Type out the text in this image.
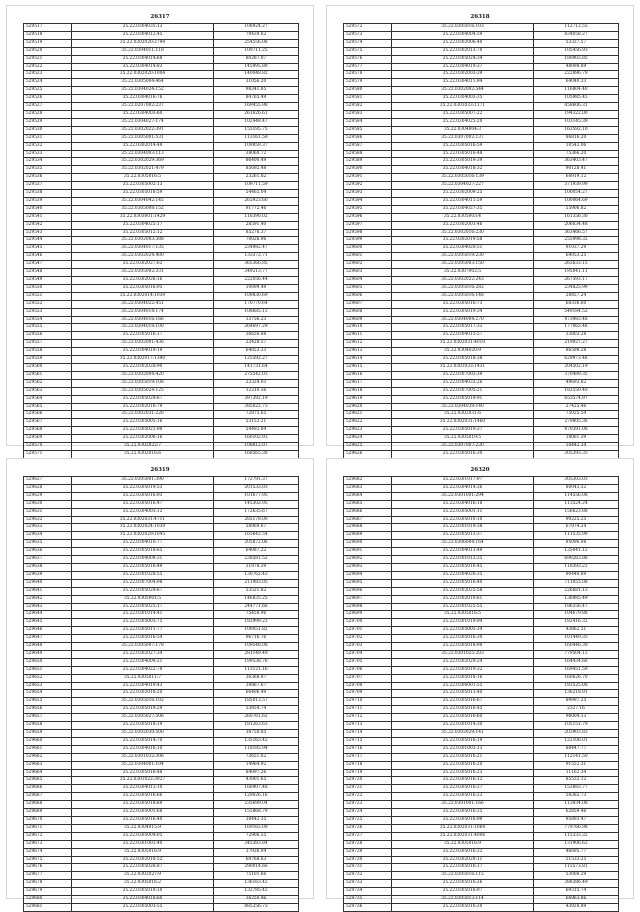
26317
529517	35.22.0304035:13	108924.27
529518	35.22.0304012:45	79439.62
529519	35.22.0302020:2794	254556.08
529520	35.22.0304011:118	109711.25
529521	35.22.0304014:68	80287.07
529522	35.22.0304014:83	145995.89
529523	35.22.0302020:1004	140048.82
529524	35.22.0305004:464	31056.20
529525	35.22.0304024:152	98341.85
529526	35.22.0304016:76	84765.49
529527	35.22.0207002:237	169455.98
529528	35.22.0304003:60	261626.61
529529	35.22.0304027:174	102448.47
529530	35.22.0302022:391	155195.75
529531	35.22.0305001:531	113161.59
529532	35.22.0302014:48	109859.37
529533	35.22.0304003:113	38060.72
529534	35.22.0302029:369	86400.49
529535	35.22.0302021:479	85692.48
529536	35.22.0305016:5	23261.82
529537	35.22.0305002:13	109711.59
529538	35.22.0305018:59	54465.04
529539	35.22.0304042:145	265923.60
529540	35.22.0305008:152	91772.46
529541	35.22.0303001:1429	116390.02
529542	35.22.0304025:17	28591.40
529543	35.22.0305012:12	85276.37
529544	35.22.0302003:388	70026.96
529545	35.22.0304017:135	234982.47
529546	35.22.0302024:400	133372.71
529547	35.22.0302027:62	365366.85
529548	35.22.0305002:331	349213.77
529549	35.22.0302026:16	222056.44
529550	35.22.0305016:95	10099.49
529551	35.22.0302014:1039	109830.69
529552	35.22.0304022:451	170770.64
529553	35.22.0304014:174	108685.13
529554	35.22.0304016:166	13756.23
529555	35.22.0304018:100	264697.29
529556	35.22.0305016:17	36656.88
529557	35.22.0302001:436	23428.57
529558	35.22.0304019:19	64853.33
529559	35.22.0302017:1390	125592.27
529560	35.22.0302028:90	141731.64
529561	35.22.0302004:420	275542.03
529562	35.22.0305019:108	23324.03
529563	35.22.0305024:125	12210.36
529564	35.22.0305029:67	397392.19
529565	35.22.0302016:79	385022.73
529566	35.22.0302031:226	72875.65
529567	35.22.0305005:16	53153.21
529568	35.22.0305021:98	54492.84
529569	35.22.0302006:16	160102.93
529570	35.22.0302022:7	108812.07
529571	35.22.0302016:6	168565.38
26318
529572	35.22.0305016:103	112712.55
529573	35.22.0304004:59	834058.27
529574	35.22.0302006:40	53327.57
529575	35.22.0302013:70	105456.93
529576	35.22.0305024:34	180903.85
529577	35.22.0304019:37	48098.89
529578	35.22.0302003:39	222896.79
529579	35.22.0304011:94	64040.33
529580	35.22.0302002:544	116804.40
529581	35.22.0304003:35	105985.45
529582	35.22.0301033:1171	858606.31
529583	35.22.0305007:22	194322.00
529584	35.22.0304025:20	103145.39
529585	35.22.0304004:3	163592.10
529586	35.22.0307002:137	86816.20
529587	35.22.0305016:59	10543.06
529588	35.22.0305016:48	75366.20
529589	35.22.0305019:39	363403.47
529590	35.22.0304018:32	90128.41
529591	35.22.0305016:139	68919.12
529592	35.22.0304027:227	371939.99
529593	35.22.0302009:25	100054.27
529594	35.22.0304011:59	100064.69
529595	35.22.0304027:35	55906.82
529596	35.22.0305003:4	161356.30
529597	35.22.0302003:46	206034.48
529598	35.22.0302016:230	363466.57
529599	35.22.0302019:58	255998.32
529600	35.22.0304020:51	91037.29
529601	35.22.0305019:230	69053.25
529602	35.22.0305003:150	265633.15
529603	35.22.0307002:5	195041.11
529604	35.22.0302022:243	267593.17
529605	35.22.0305016:282	234825.99
529606	35.22.0305016:148	28857.24
529607	35.22.0305016:73	68336.60
529608	35.22.0305019:34	549184.52
529609	35.22.0304004:270	473983.48
529610	35.22.0305017:33	177065.46
529611	35.22.0304013:57	33803.28
529612	35.22.0302031:4010	219927.27
529613	35.22.0304020:9	86598.28
529614	35.22.0305018:38	629973.46
529615	35.22.0301033:1431	204502.19
529616	35.22.0307003:39	370489.35
529617	35.22.0304033:26	49693.82
529618	35.22.0307005:21	183550.40
529619	35.22.0305019:91	653574.97
529620	35.22.0304029:140	27425.46
529621	35.22.0302031:6	75025.54
529622	35.22.0302031:1460	279805.36
529623	35.22.0305019:37	470391.08
529624	35.22.0305019:5	18061.39
529625	35.22.0307007:230	18442.34
529626	35.22.0305016:30	305393.35
26319
529627	35.22.0305001:390	172791.37
529628	35.22.0305019:53	201533.03
529629	35.22.0305016:93	101677.95
529630	35.22.0305016:47	145302.95
529631	35.22.0304003:12	172635.67
529632	35.22.0302031:4711	285178.00
529633	35.22.0302024:1039	58969.67
529634	35.22.0302029:1045	165642.54
529635	35.22.0304010:77	205872.06
529636	35.22.0305018:65	64087.22
529637	35.22.0304009:31	238581.52
529638	35.22.0305016:49	31978.39
529639	35.22.0301028:55	130762.43
529640	35.22.0307004:98	211983.05
529641	35.22.0305029:67	53521.82
529642	35.22.0305001:5	146835.25
529643	35.22.0305025:17	244771.66
529644	35.22.0301014:41	75458.96
529645	35.22.0305003:75	182999.23
529646	35.22.0305011:77	100051.82
529647	35.22.0305016:54	96716.76
529648	35.22.0305007:178	109548.08
529649	35.22.0302027:34	281149.49
529650	35.22.0304009:21	199538.76
529651	35.22.0304022:78	113121.16
529652	35.22.0305011:7	36368.87
529653	35.22.0304019:43	39867.67
529654	35.22.0302018:20	66406.49
529655	35.22.0305016:102	185013.57
529656	35.22.0305019:29	53854.74
529657	35.22.0305027:506	260761.62
529658	35.22.0305018:19	181263.63
529659	35.22.0302030:500	38750.85
529660	35.22.0305014:70	135163.42
529661	35.22.0304016:10	118185.94
529662	35.22.0301032:306	73651.62
529663	35.22.0304001:104	14964.92
529664	35.22.0305016:48	84097.26
529665	35.22.0301022:3027	43901.65
529666	35.22.0304013:10	166907.48
529667	35.22.0305016:66	129026.16
529668	35.22.0305018:69	235699.04
529669	35.22.0305001:68	155868.79
529670	35.22.0305016:40	38442.35
529671	35.22.0304015:9	169165.09
529672	35.22.0305004:05	72906.55
529673	35.22.0301003:40	345383.84
529674	35.22.0305016:9	37926.04
529675	35.22.0302018:52	60768.63
529676	35.22.0305028:87	290014.66
529677	35.22.0302027:9	75101.66
529678	35.22.0305016:2	136163.42
529679	35.22.0305019:10	132785.42
529680	35.22.0304018:60	16250.46
529681	35.22.0305003:55	885256.73
26320
529682	35.22.0301017:97	305303.03
529683	35.22.0304014:36	80043.52
529684	35.22.0301001:294	114556.08
529685	35.22.0304016:18	113524.24
529686	35.22.0305001:11	156623.88
529687	35.22.0305010:10	90225.25
529688	35.22.0301019:38	67974.24
529689	35.22.0305013:37	111535.99
529690	35.22.0306004:164	95096.08
529691	35.22.0304013:49	135041.12
529692	35.22.0301012:35	690263.86
529693	35.22.0305016:45	118393.23
529694	35.22.0304026:35	90440.69
529695	35.22.0305016:40	711055.08
529696	35.22.0302025:58	226681.13
529697	35.22.0302019:61	136985.49
529698	35.22.0301025:55	186356.47
529699	35.22.0305016:5	104679.88
529700	35.22.0301019:94	182416.32
529701	35.22.0305005:34	43862.51
529702	35.22.0305016:30	101449.35
529703	35.22.0305018:98	160446.39
529704	35.22.0301025:203	779504.13
529705	35.22.0302029:24	164434.66
529706	35.22.0305019:32	169451.59
529707	35.22.0305018:16	160626.70
529708	35.22.0306001:55	183525.08
529709	35.22.0305013:40	136218.91
529710	35.22.0305016:67	89997.25
529711	35.22.0305016:45	2327.16
529712	35.22.0305016:60	96004.13
529713	35.22.0301014:30	105151.79
529714	35.22.0302029:141	203903.83
529715	35.22.0305016:19	122106.01
529716	35.22.0301003:13	88447.77
529717	35.22.0305016:21	112141.50
529718	35.22.0305016:20	91552.31
529719	35.22.0305016:23	11162.34
529720	35.22.0305016:12	85532.12
529721	35.22.0305016:27	153883.77
529722	35.22.0305016:23	58382.73
529723	35.22.0301001:166	113934.08
529724	35.22.0305016:25	62859.46
529725	35.22.0305016:99	95893.47
529726	35.22.0302031:1064	779766.98
529727	35.22.0302031:4006	115333.32
529728	35.22.0305016:9	131906.62
529729	35.22.0305016:22	46695.77
529730	35.22.0302029:11	51533.25
529731	35.22.0305016:17	115573.81
529732	35.22.0305016:115	53008.29
529733	35.22.0305016:26	388386.49
529734	35.22.0305016:97	69315.74
529735	35.22.0305013:114	66963.86
529736	35.22.0305016:20	43928.89
